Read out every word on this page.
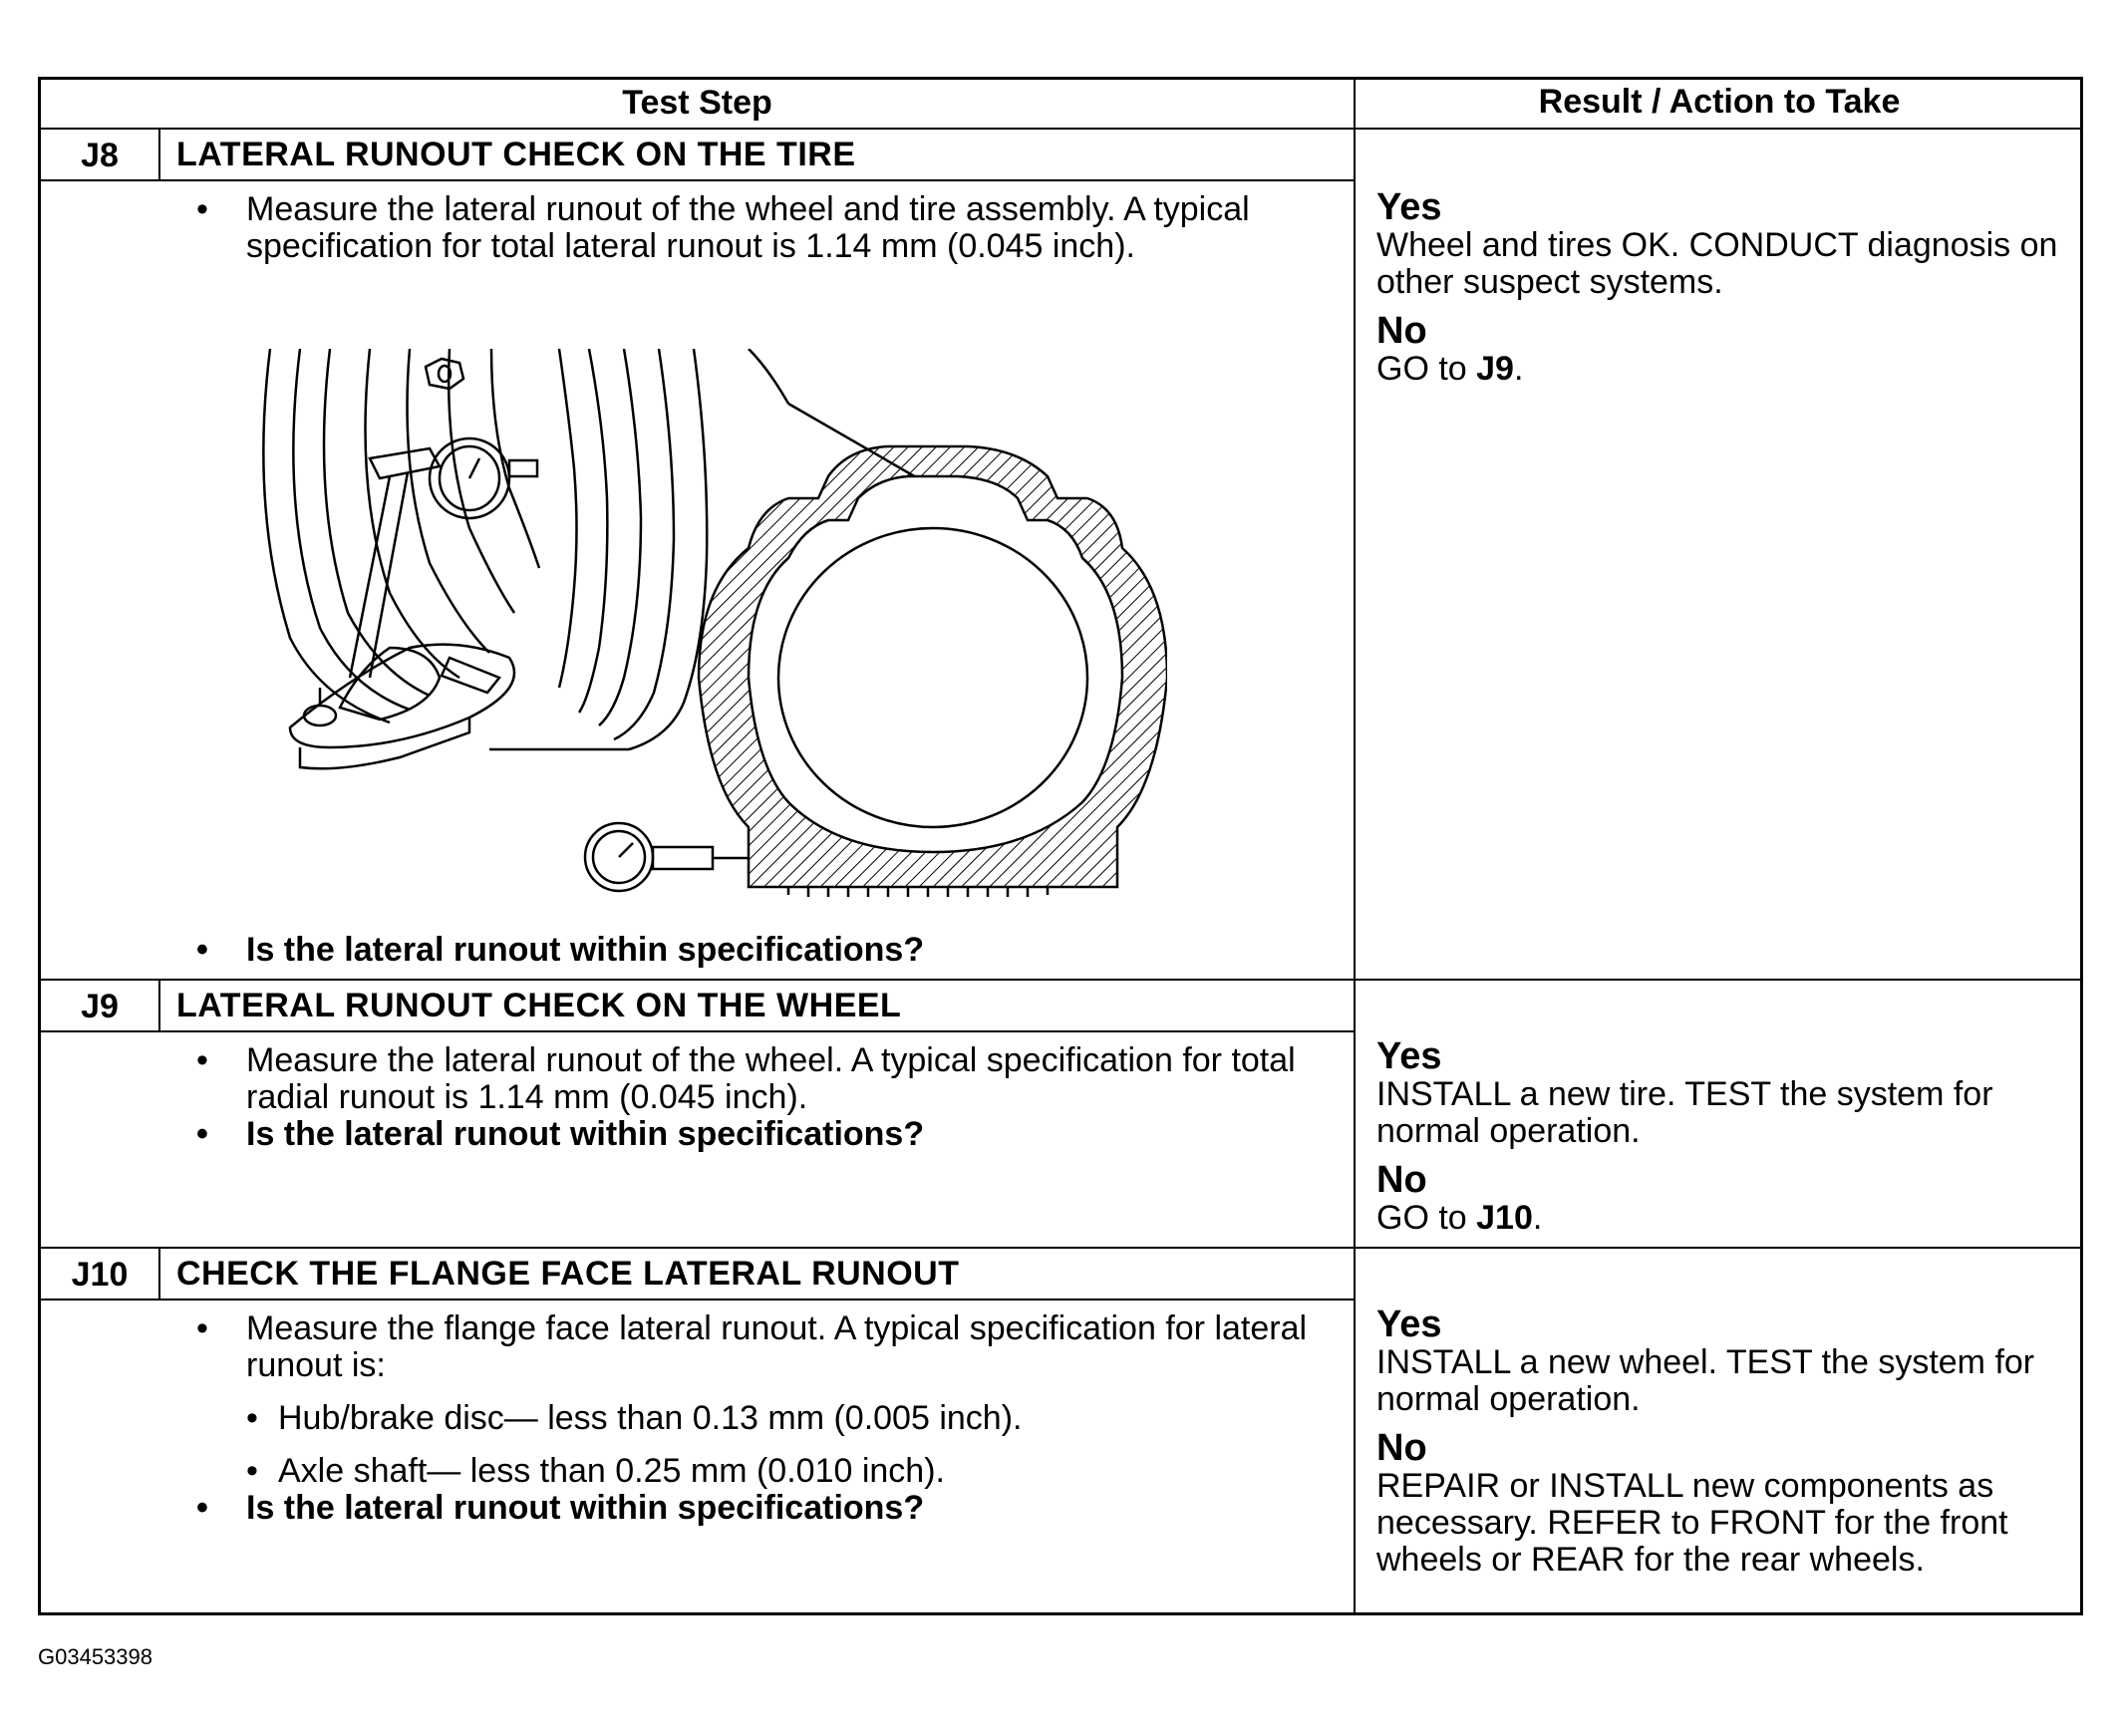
Test Step	Result / Action to Take
J8	LATERAL RUNOUT CHECK ON THE TIRE

• Measure the lateral runout of the wheel and tire assembly. A typical specification for total lateral runout is 1.14 mm (0.045 inch).

• Is the lateral runout within specifications?

Yes
Wheel and tires OK. CONDUCT diagnosis on other suspect systems.
No
GO to J9.
J9	LATERAL RUNOUT CHECK ON THE WHEEL

• Measure the lateral runout of the wheel. A typical specification for total radial runout is 1.14 mm (0.045 inch).

• Is the lateral runout within specifications?

Yes
INSTALL a new tire. TEST the system for normal operation.
No
GO to J10.
J10	CHECK THE FLANGE FACE LATERAL RUNOUT

• Measure the flange face lateral runout. A typical specification for lateral runout is:

• Hub/brake disc— less than 0.13 mm (0.005 inch).

• Axle shaft— less than 0.25 mm (0.010 inch).

• Is the lateral runout within specifications?

Yes
INSTALL a new wheel. TEST the system for normal operation.
No
REPAIR or INSTALL new components as necessary. REFER to FRONT for the front wheels or REAR for the rear wheels.
G03453398
